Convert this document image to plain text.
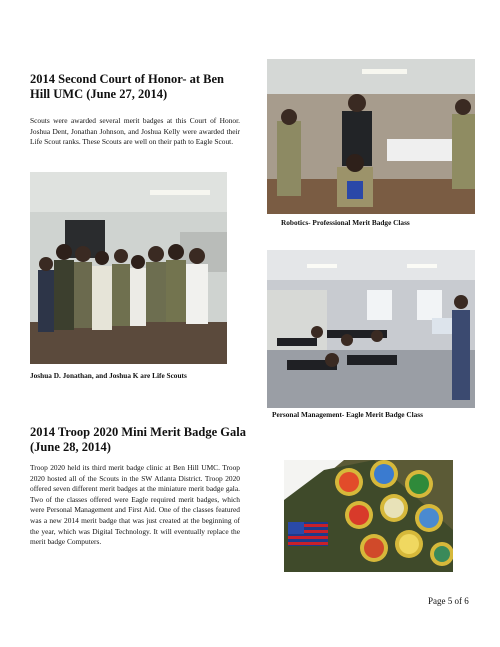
2014 Second Court of Honor- at Ben Hill UMC (June 27, 2014)

Scouts were awarded several merit badges at this Court of Honor. Joshua Dent, Jonathan Johnson, and Joshua Kelly were awarded their Life Scout ranks. These Scouts are well on their path to Eagle Scout.

Joshua D. Jonathan, and Joshua K are Life Scouts
2014 Troop 2020 Mini Merit Badge Gala (June 28, 2014)

Troop 2020 held its third merit badge clinic at Ben Hill UMC. Troop 2020 hosted all of the Scouts in the SW Atlanta District. Troop 2020 offered seven different merit badges at the miniature merit badge gala. Two of the classes offered were Eagle required merit badges, which were Personal Management and First Aid. One of the classes featured was a new 2014 merit badge that was just created at the beginning of the year, which was Digital Technology. It will eventually replace the merit badge Computers.

Robotics- Professional Merit Badge Class
Personal Management- Eagle Merit Badge Class
Page 5 of 6
